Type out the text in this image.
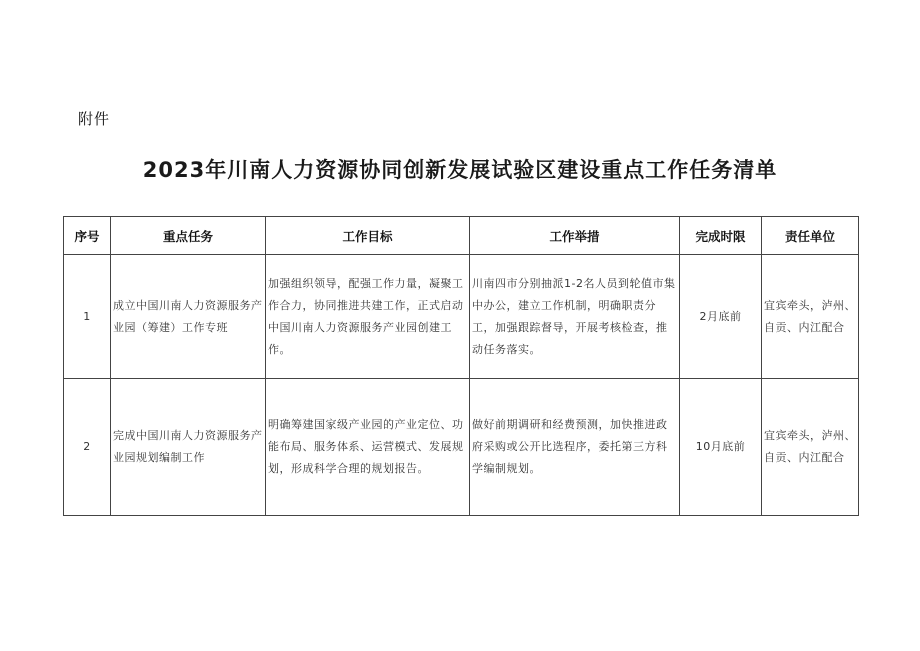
附件
2023年川南人力资源协同创新发展试验区建设重点工作任务清单
序号	重点任务	工作目标	工作举措	完成时限	责任单位
1	成立中国川南人力资源服务产业园（筹建）工作专班	加强组织领导，配强工作力量，凝聚工作合力，协同推进共建工作，正式启动中国川南人力资源服务产业园创建工作。	川南四市分别抽派1-2名人员到轮值市集中办公，建立工作机制，明确职责分工，加强跟踪督导，开展考核检查，推动任务落实。	2月底前	宜宾牵头，泸州、自贡、内江配合
2	完成中国川南人力资源服务产业园规划编制工作	明确筹建国家级产业园的产业定位、功能布局、服务体系、运营模式、发展规划，形成科学合理的规划报告。	做好前期调研和经费预测，加快推进政府采购或公开比选程序，委托第三方科学编制规划。	10月底前	宜宾牵头，泸州、自贡、内江配合
